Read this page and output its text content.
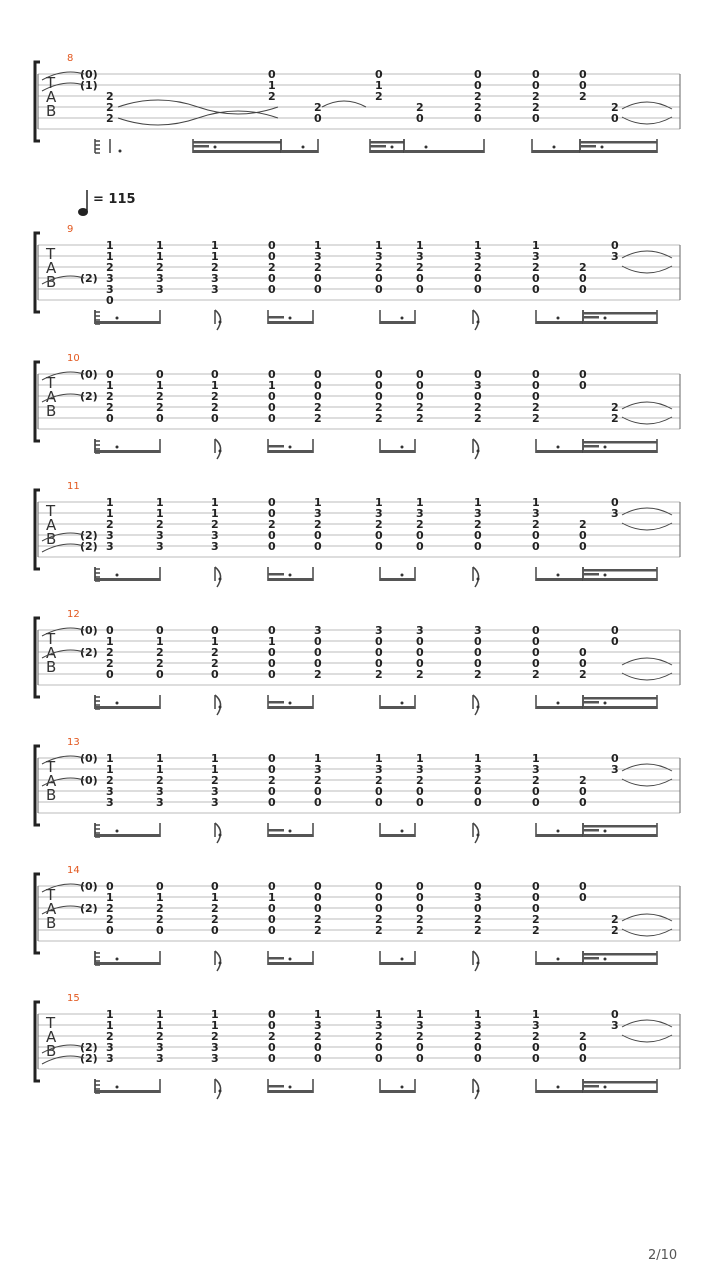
T
A
B
8
(0)
(1)
2
2
2
0
1
2
2
0
0
1
2
2
0
0
0
2
2
0
0
0
2
2
0
0
0
2
2
0
T
A
B
9
(2)
1
1
2
3
3
0
1
1
2
3
3
1
1
2
3
3
0
0
2
0
0
1
3
2
0
0
1
3
2
0
0
1
3
2
0
0
1
3
2
0
0
1
3
2
0
0
2
0
0
0
3
T
A
B
10
(0)
(2)
0
1
2
2
0
0
1
2
2
0
0
1
2
2
0
0
1
0
0
0
0
0
0
2
2
0
0
0
2
2
0
0
0
2
2
0
3
0
2
2
0
0
0
2
2
0
0
2
2
T
A
B
11
(2)
(2)
1
1
2
3
3
1
1
2
3
3
1
1
2
3
3
0
0
2
0
0
1
3
2
0
0
1
3
2
0
0
1
3
2
0
0
1
3
2
0
0
1
3
2
0
0
2
0
0
0
3
T
A
B
12
(0)
(2)
0
1
2
2
0
0
1
2
2
0
0
1
2
2
0
0
1
0
0
0
3
0
0
0
2
3
0
0
0
2
3
0
0
0
2
3
0
0
0
2
0
0
0
0
2
0
0
2
0
0
T
A
B
13
(0)
(0)
1
1
2
3
3
1
1
2
3
3
1
1
2
3
3
0
0
2
0
0
1
3
2
0
0
1
3
2
0
0
1
3
2
0
0
1
3
2
0
0
1
3
2
0
0
2
0
0
0
3
T
A
B
14
(0)
(2)
0
1
2
2
0
0
1
2
2
0
0
1
2
2
0
0
1
0
0
0
0
0
0
2
2
0
0
0
2
2
0
0
0
2
2
0
3
0
2
2
0
0
0
2
2
0
0
2
2
T
A
B
15
(2)
(2)
1
1
2
3
3
1
1
2
3
3
1
1
2
3
3
0
0
2
0
0
1
3
2
0
0
1
3
2
0
0
1
3
2
0
0
1
3
2
0
0
1
3
2
0
0
2
0
0
0
3
= 115
2/10
